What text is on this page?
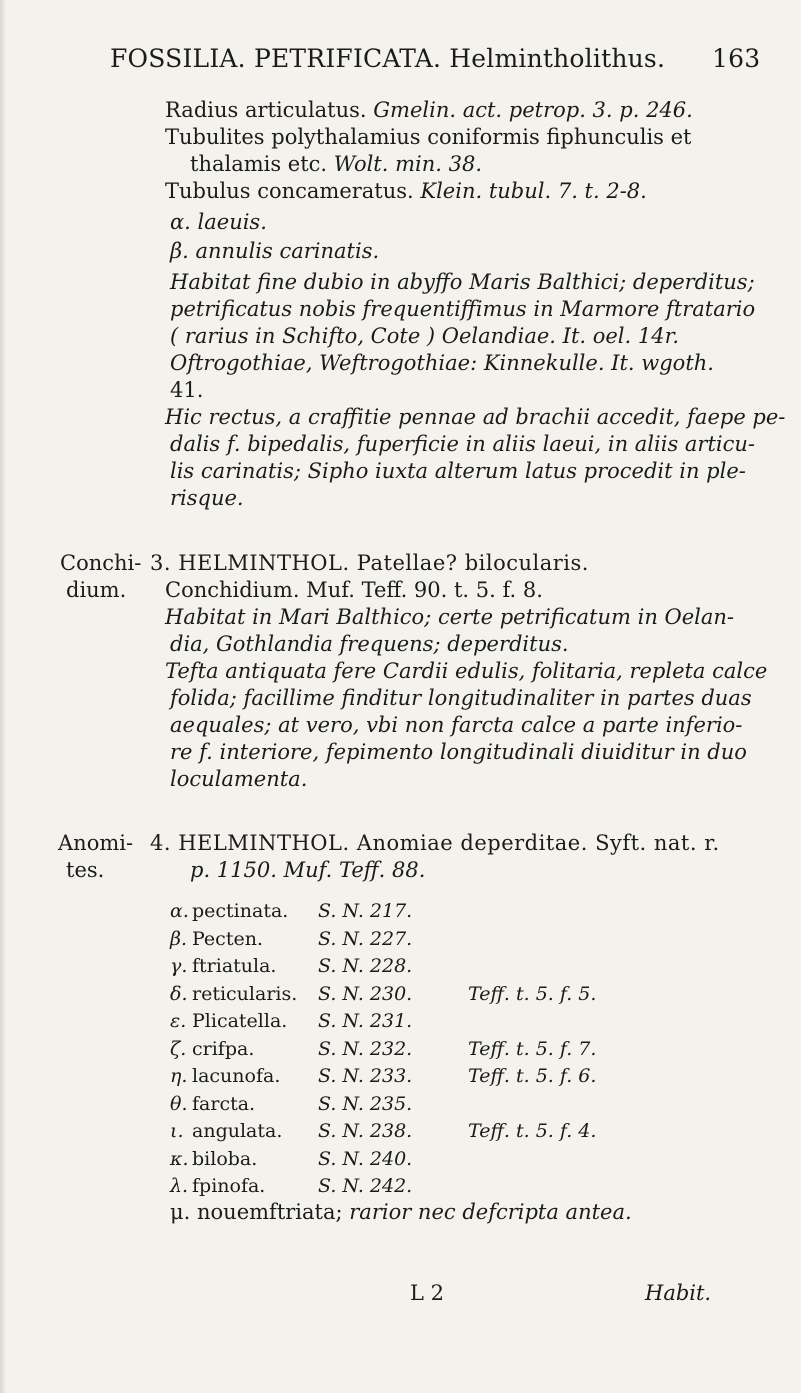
FOSSILIA. PETRIFICATA. Helmintholithus. 163
Radius articulatus. Gmelin. act. petrop. 3. p. 246.
Tubulites polythalamius coniformis fiphunculis et
thalamis etc. Wolt. min. 38.
Tubulus concameratus. Klein. tubul. 7. t. 2-8.
α. laeuis.
β. annulis carinatis.
Habitat fine dubio in abyffo Maris Balthici; deperditus;
petrificatus nobis frequentiffimus in Marmore ftratario
( rarius in Schifto, Cote ) Oelandiae. It. oel. 14r.
Oftrogothiae, Weftrogothiae: Kinnekulle. It. wgoth.
41.
Hic rectus, a craffitie pennae ad brachii accedit, faepe pe-
dalis f. bipedalis, fuperficie in aliis laeui, in aliis articu-
lis carinatis; Sipho iuxta alterum latus procedit in ple-
risque.
Conchi-
dium.
3. HELMINTHOL. Patellae? bilocularis.
Conchidium. Muf. Teff. 90. t. 5. f. 8.
Habitat in Mari Balthico; certe petrificatum in Oelan-
dia, Gothlandia frequens; deperditus.
Tefta antiquata fere Cardii edulis, folitaria, repleta calce
folida; facillime finditur longitudinaliter in partes duas
aequales; at vero, vbi non farcta calce a parte inferio-
re f. interiore, fepimento longitudinali diuiditur in duo
loculamenta.
Anomi-
tes.
4. HELMINTHOL. Anomiae deperditae. Syft. nat. r.
p. 1150. Muf. Teff. 88.
α. pectinata. S. N. 217.
β. Pecten.	S. N. 227.
γ. ftriatula. S. N. 228.
δ. reticularis. S. N. 230.	Teff. t. 5. f. 5.
ε. Plicatella. S. N. 231.
ζ. crifpa.	S. N. 232.	Teff. t. 5. f. 7.
η. lacunofa. S. N. 233.	Teff. t. 5. f. 6.
θ. farcta.	S. N. 235.
ι. angulata. S. N. 238.	Teff. t. 5. f. 4.
κ. biloba.	S. N. 240.
λ. fpinofa.	S. N. 242.
μ. nouemftriata; rarior nec defcripta antea.
L 2	Habit.
